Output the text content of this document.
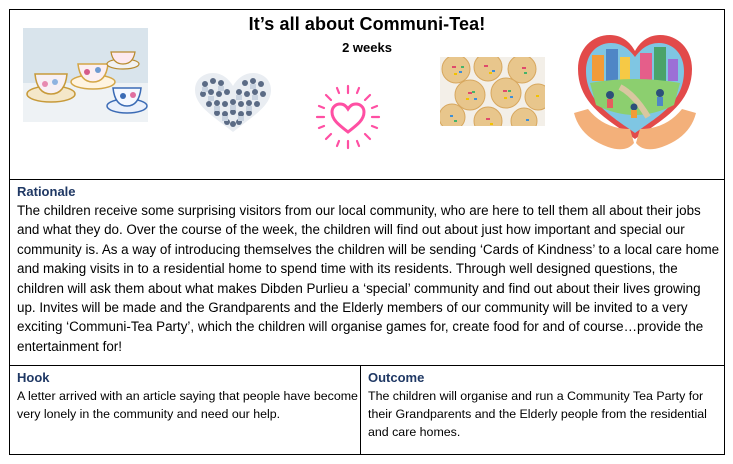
It’s all about Communi-Tea!
2 weeks
Rationale
The children receive some surprising visitors from our local community, who are here to tell them all about their jobs and what they do. Over the course of the week, the children will find out about just how important and special our community is. As a way of introducing themselves the children will be sending ‘Cards of Kindness’ to a local care home and making visits in to a residential home to spend time with its residents. Through well designed questions, the children will ask them about what makes Dibden Purlieu a ‘special’ community and find out about their lives growing up. Invites will be made and the Grandparents and the Elderly members of our community will be invited to a very exciting ‘Communi-Tea Party’, which the children will organise games for, create food for and of course…provide the entertainment for!
Hook
A letter arrived with an article saying that people have become very lonely in the community and need our help.
Outcome
The children will organise and run a Community Tea Party for their Grandparents and the Elderly people from the residential and care homes.
